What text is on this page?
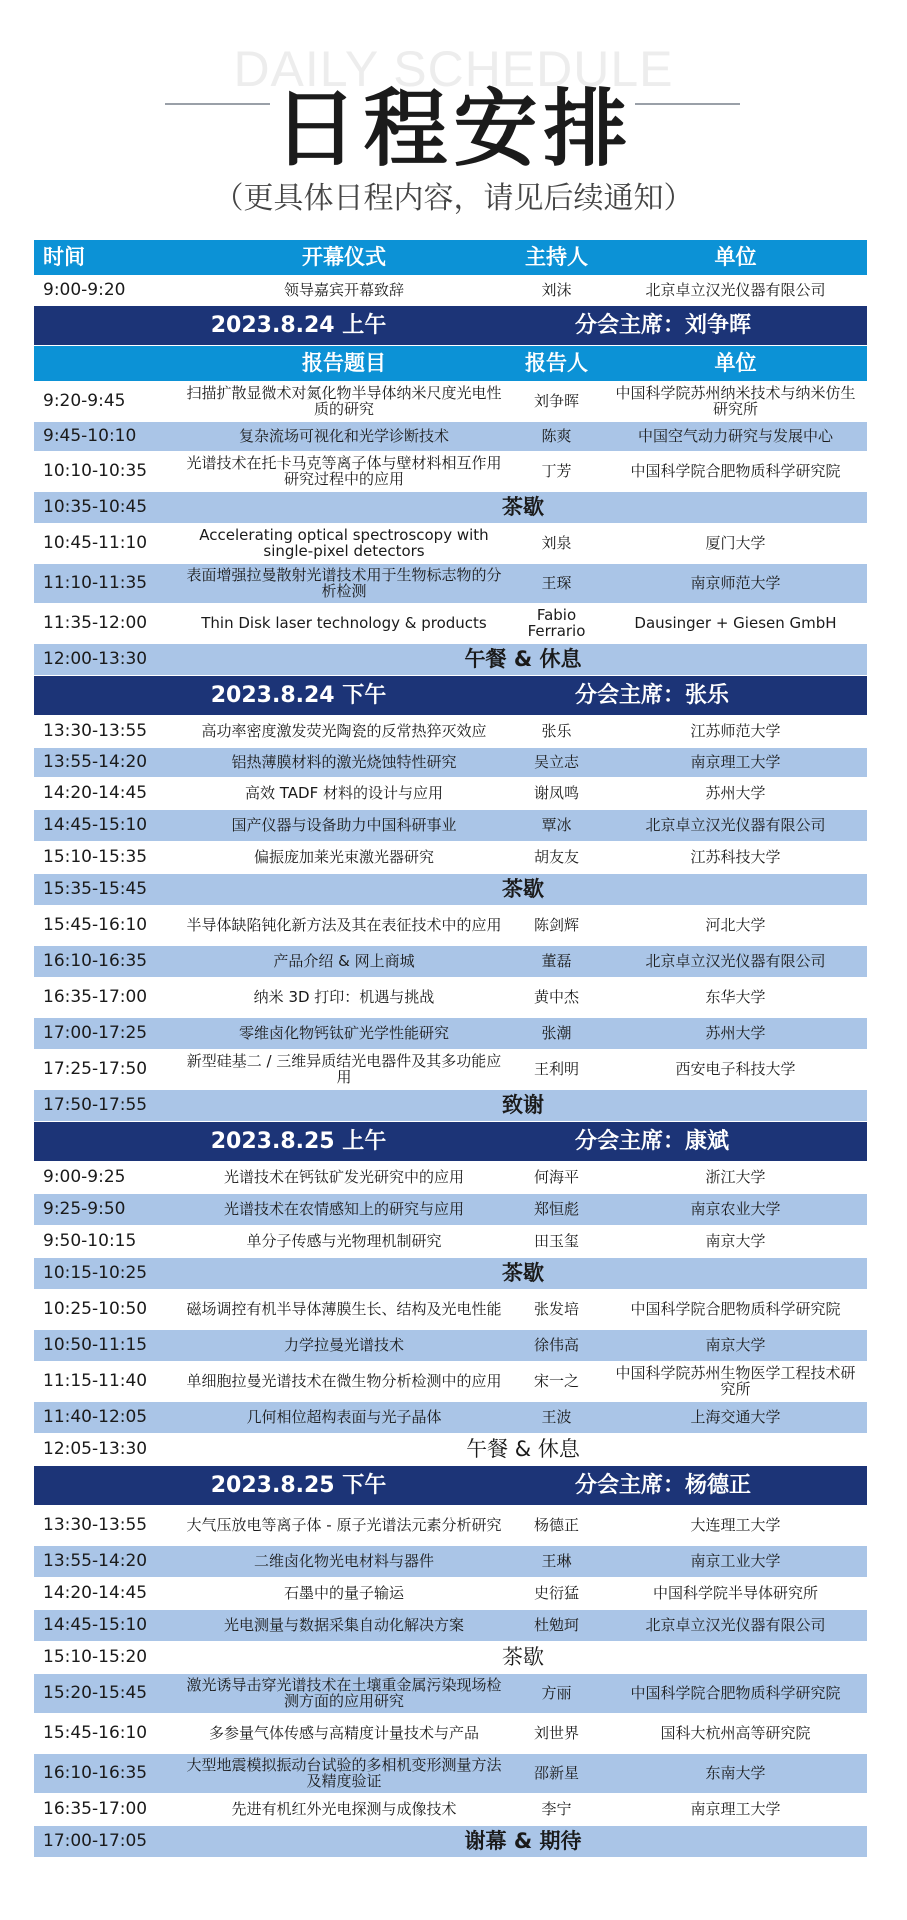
DAILY SCHEDULE
日程安排
（更具体日程内容，请见后续通知）
时间	开幕仪式	主持人	单位
9:00-9:20	领导嘉宾开幕致辞	刘沫	北京卓立汉光仪器有限公司
2023.8.24 上午	分会主席：刘争晖
报告题目	报告人	单位
9:20-9:45	扫描扩散显微术对氮化物半导体纳米尺度光电性质的研究	刘争晖	中国科学院苏州纳米技术与纳米仿生研究所
9:45-10:10	复杂流场可视化和光学诊断技术	陈爽	中国空气动力研究与发展中心
10:10-10:35	光谱技术在托卡马克等离子体与壁材料相互作用研究过程中的应用	丁芳	中国科学院合肥物质科学研究院
10:35-10:45	茶歇
10:45-11:10	Accelerating optical spectroscopy with single-pixel detectors	刘泉	厦门大学
11:10-11:35	表面增强拉曼散射光谱技术用于生物标志物的分析检测	王琛	南京师范大学
11:35-12:00	Thin Disk laser technology & products	Fabio Ferrario	Dausinger + Giesen GmbH
12:00-13:30	午餐 & 休息
2023.8.24 下午	分会主席：张乐
13:30-13:55	高功率密度激发荧光陶瓷的反常热猝灭效应	张乐	江苏师范大学
13:55-14:20	铝热薄膜材料的激光烧蚀特性研究	吴立志	南京理工大学
14:20-14:45	高效 TADF 材料的设计与应用	谢凤鸣	苏州大学
14:45-15:10	国产仪器与设备助力中国科研事业	覃冰	北京卓立汉光仪器有限公司
15:10-15:35	偏振庞加莱光束激光器研究	胡友友	江苏科技大学
15:35-15:45	茶歇
15:45-16:10	半导体缺陷钝化新方法及其在表征技术中的应用	陈剑辉	河北大学
16:10-16:35	产品介绍 & 网上商城	董磊	北京卓立汉光仪器有限公司
16:35-17:00	纳米 3D 打印：机遇与挑战	黄中杰	东华大学
17:00-17:25	零维卤化物钙钛矿光学性能研究	张潮	苏州大学
17:25-17:50	新型硅基二 / 三维异质结光电器件及其多功能应用	王利明	西安电子科技大学
17:50-17:55	致谢
2023.8.25 上午	分会主席：康斌
9:00-9:25	光谱技术在钙钛矿发光研究中的应用	何海平	浙江大学
9:25-9:50	光谱技术在农情感知上的研究与应用	郑恒彪	南京农业大学
9:50-10:15	单分子传感与光物理机制研究	田玉玺	南京大学
10:15-10:25	茶歇
10:25-10:50	磁场调控有机半导体薄膜生长、结构及光电性能	张发培	中国科学院合肥物质科学研究院
10:50-11:15	力学拉曼光谱技术	徐伟高	南京大学
11:15-11:40	单细胞拉曼光谱技术在微生物分析检测中的应用	宋一之	中国科学院苏州生物医学工程技术研究所
11:40-12:05	几何相位超构表面与光子晶体	王波	上海交通大学
12:05-13:30	午餐 & 休息
2023.8.25 下午	分会主席：杨德正
13:30-13:55	大气压放电等离子体 - 原子光谱法元素分析研究	杨德正	大连理工大学
13:55-14:20	二维卤化物光电材料与器件	王琳	南京工业大学
14:20-14:45	石墨中的量子输运	史衍猛	中国科学院半导体研究所
14:45-15:10	光电测量与数据采集自动化解决方案	杜勉珂	北京卓立汉光仪器有限公司
15:10-15:20	茶歇
15:20-15:45	激光诱导击穿光谱技术在土壤重金属污染现场检测方面的应用研究	方丽	中国科学院合肥物质科学研究院
15:45-16:10	多参量气体传感与高精度计量技术与产品	刘世界	国科大杭州高等研究院
16:10-16:35	大型地震模拟振动台试验的多相机变形测量方法及精度验证	邵新星	东南大学
16:35-17:00	先进有机红外光电探测与成像技术	李宁	南京理工大学
17:00-17:05	谢幕 & 期待
